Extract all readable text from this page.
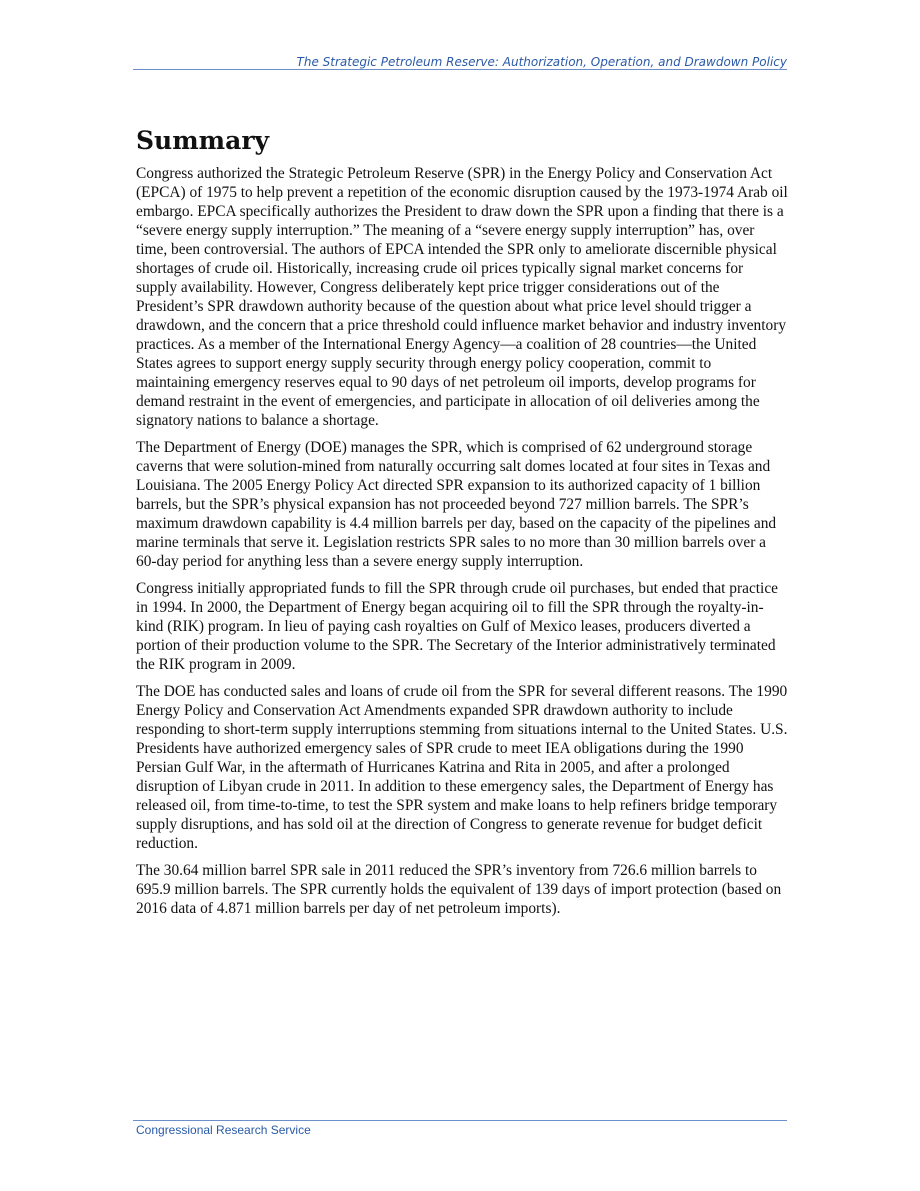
The Strategic Petroleum Reserve: Authorization, Operation, and Drawdown Policy
Summary

Congress authorized the Strategic Petroleum Reserve (SPR) in the Energy Policy and Conservation Act (EPCA) of 1975 to help prevent a repetition of the economic disruption caused by the 1973-1974 Arab oil embargo. EPCA specifically authorizes the President to draw down the SPR upon a finding that there is a “severe energy supply interruption.” The meaning of a “severe energy supply interruption” has, over time, been controversial. The authors of EPCA intended the SPR only to ameliorate discernible physical shortages of crude oil. Historically, increasing crude oil prices typically signal market concerns for supply availability. However, Congress deliberately kept price trigger considerations out of the President’s SPR drawdown authority because of the question about what price level should trigger a drawdown, and the concern that a price threshold could influence market behavior and industry inventory practices. As a member of the International Energy Agency—a coalition of 28 countries—the United States agrees to support energy supply security through energy policy cooperation, commit to maintaining emergency reserves equal to 90 days of net petroleum oil imports, develop programs for demand restraint in the event of emergencies, and participate in allocation of oil deliveries among the signatory nations to balance a shortage.

The Department of Energy (DOE) manages the SPR, which is comprised of 62 underground storage caverns that were solution-mined from naturally occurring salt domes located at four sites in Texas and Louisiana. The 2005 Energy Policy Act directed SPR expansion to its authorized capacity of 1 billion barrels, but the SPR’s physical expansion has not proceeded beyond 727 million barrels. The SPR’s maximum drawdown capability is 4.4 million barrels per day, based on the capacity of the pipelines and marine terminals that serve it. Legislation restricts SPR sales to no more than 30 million barrels over a 60-day period for anything less than a severe energy supply interruption.

Congress initially appropriated funds to fill the SPR through crude oil purchases, but ended that practice in 1994. In 2000, the Department of Energy began acquiring oil to fill the SPR through the royalty-in-kind (RIK) program. In lieu of paying cash royalties on Gulf of Mexico leases, producers diverted a portion of their production volume to the SPR. The Secretary of the Interior administratively terminated the RIK program in 2009.

The DOE has conducted sales and loans of crude oil from the SPR for several different reasons. The 1990 Energy Policy and Conservation Act Amendments expanded SPR drawdown authority to include responding to short-term supply interruptions stemming from situations internal to the United States. U.S. Presidents have authorized emergency sales of SPR crude to meet IEA obligations during the 1990 Persian Gulf War, in the aftermath of Hurricanes Katrina and Rita in 2005, and after a prolonged disruption of Libyan crude in 2011. In addition to these emergency sales, the Department of Energy has released oil, from time-to-time, to test the SPR system and make loans to help refiners bridge temporary supply disruptions, and has sold oil at the direction of Congress to generate revenue for budget deficit reduction.

The 30.64 million barrel SPR sale in 2011 reduced the SPR’s inventory from 726.6 million barrels to 695.9 million barrels. The SPR currently holds the equivalent of 139 days of import protection (based on 2016 data of 4.871 million barrels per day of net petroleum imports).

Congressional Research Service
